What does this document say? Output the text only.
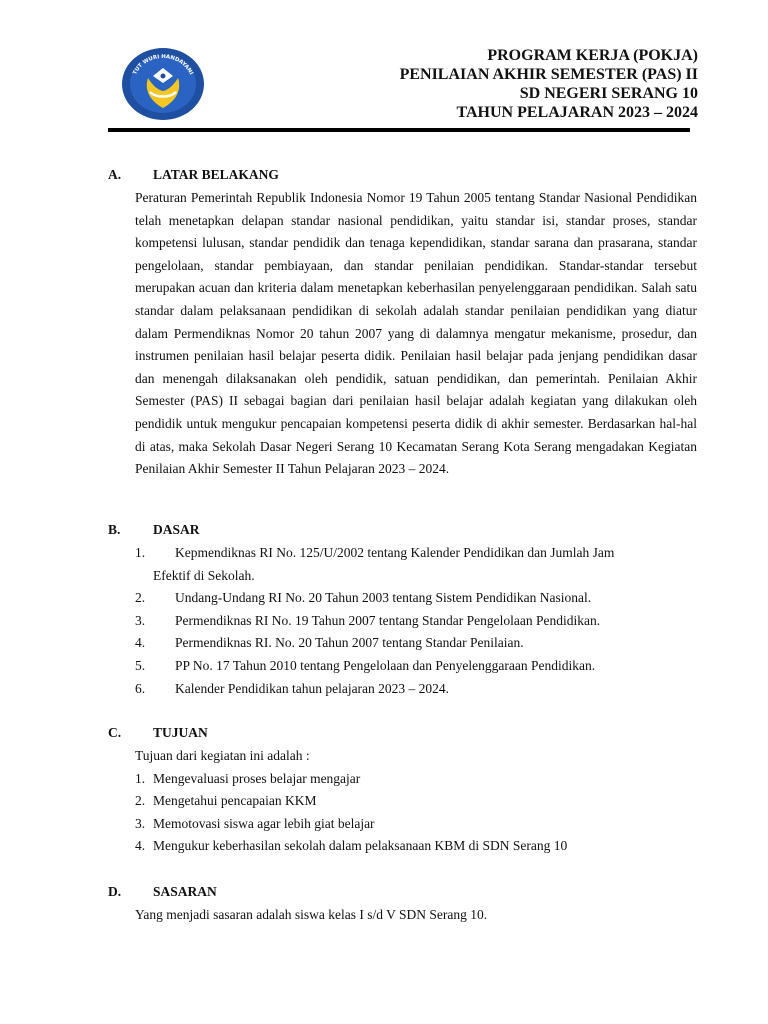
TUT WURI HANDAYANI
PROGRAM KERJA (POKJA)
PENILAIAN AKHIR SEMESTER (PAS) II
SD NEGERI SERANG 10
TAHUN PELAJARAN 2023 – 2024
A. LATAR BELAKANG
Peraturan Pemerintah Republik Indonesia Nomor 19 Tahun 2005 tentang Standar Nasional Pendidikan telah menetapkan delapan standar nasional pendidikan, yaitu standar isi, standar proses, standar kompetensi lulusan, standar pendidik dan tenaga kependidikan, standar sarana dan prasarana, standar pengelolaan, standar pembiayaan, dan standar penilaian pendidikan. Standar-standar tersebut merupakan acuan dan kriteria dalam menetapkan keberhasilan penyelenggaraan pendidikan. Salah satu standar dalam pelaksanaan pendidikan di sekolah adalah standar penilaian pendidikan yang diatur dalam Permendiknas Nomor 20 tahun 2007 yang di dalamnya mengatur mekanisme, prosedur, dan instrumen penilaian hasil belajar peserta didik. Penilaian hasil belajar pada jenjang pendidikan dasar dan menengah dilaksanakan oleh pendidik, satuan pendidikan, dan pemerintah. Penilaian Akhir Semester (PAS) II sebagai bagian dari penilaian hasil belajar adalah kegiatan yang dilakukan oleh pendidik untuk mengukur pencapaian kompetensi peserta didik di akhir semester. Berdasarkan hal-hal di atas, maka Sekolah Dasar Negeri Serang 10 Kecamatan Serang Kota Serang mengadakan Kegiatan Penilaian Akhir Semester II Tahun Pelajaran 2023 – 2024.
B. DASAR
1. Kepmendiknas RI No. 125/U/2002 tentang Kalender Pendidikan dan Jumlah Jam
Efektif di Sekolah.
2. Undang-Undang RI No. 20 Tahun 2003 tentang Sistem Pendidikan Nasional.
3. Permendiknas RI No. 19 Tahun 2007 tentang Standar Pengelolaan Pendidikan.
4. Permendiknas RI. No. 20 Tahun 2007 tentang Standar Penilaian.
5. PP No. 17 Tahun 2010 tentang Pengelolaan dan Penyelenggaraan Pendidikan.
6. Kalender Pendidikan tahun pelajaran 2023 – 2024.
C. TUJUAN
Tujuan dari kegiatan ini adalah :
1. Mengevaluasi proses belajar mengajar
2. Mengetahui pencapaian KKM
3. Memotovasi siswa agar lebih giat belajar
4. Mengukur keberhasilan sekolah dalam pelaksanaan KBM di SDN Serang 10
D. SASARAN
Yang menjadi sasaran adalah siswa kelas I s/d V SDN Serang 10.
